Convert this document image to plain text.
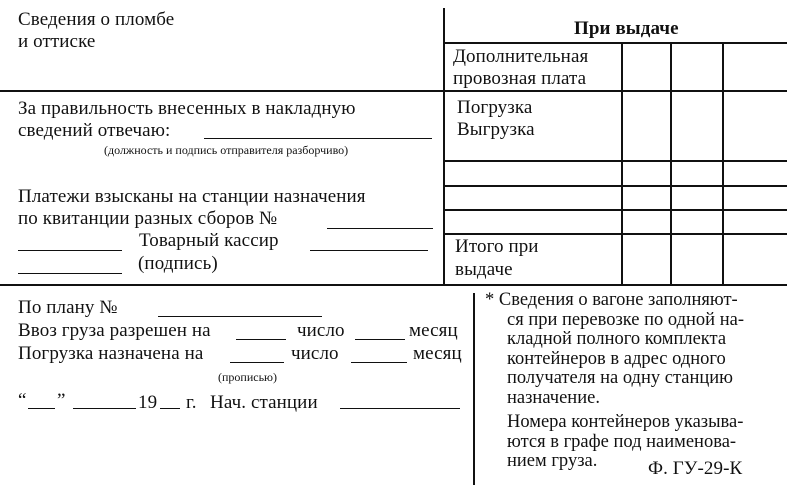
Сведения о пломбе
и оттиске
При выдаче
Дополнительная
провозная плата
Погрузка
Выгрузка
Итого при
выдаче
За правильность внесенных в накладную
сведений отвечаю:
(должность и подпись отправителя разборчиво)
Платежи взысканы на станции назначения
по квитанции разных сборов №
Товарный кассир
(подпись)
По плану №
Ввоз груза разрешен на	число	месяц
Погрузка назначена на	число	месяц
(прописью)
“ ”	19 г. Нач. станции
* Сведения о вагоне заполняют-
ся при перевозке по одной на-
кладной полного комплекта
контейнеров в адрес одного
получателя на одну станцию
назначение.
Номера контейнеров указыва-
ются в графе под наименова-
нием груза.	Ф. ГУ-29-К
